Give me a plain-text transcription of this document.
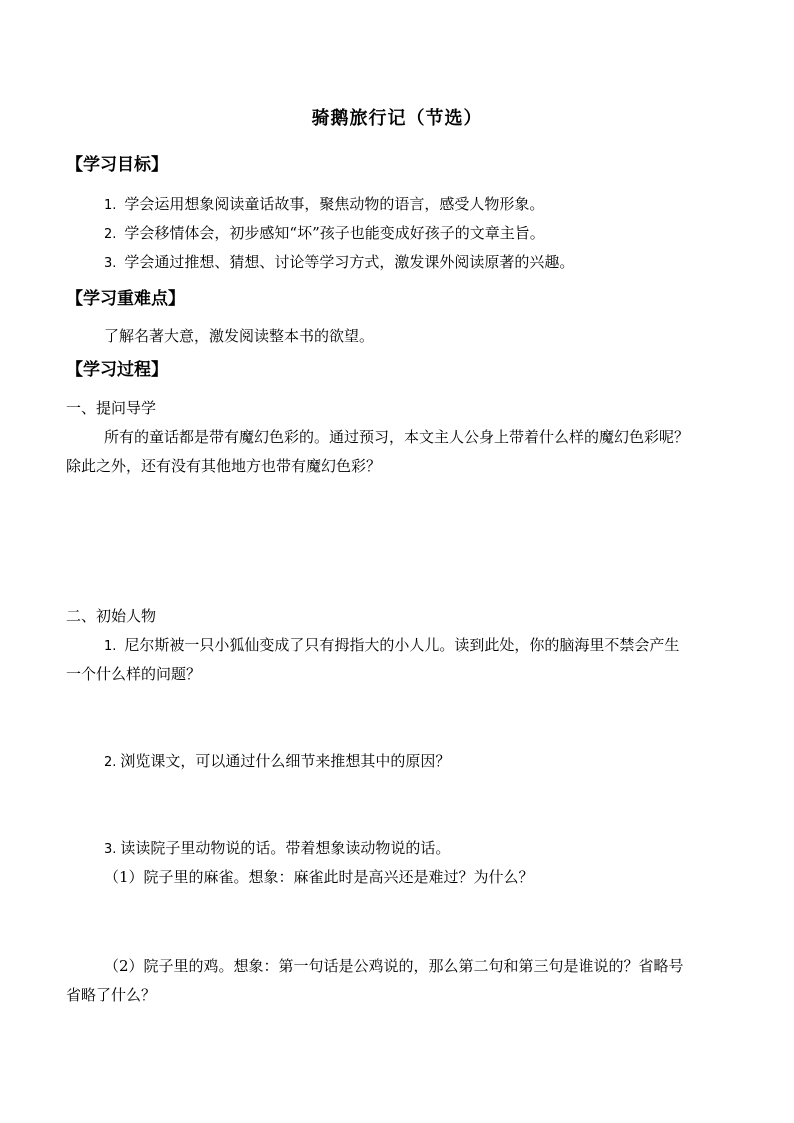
骑鹅旅行记（节选）
【学习目标】
1. 学会运用想象阅读童话故事，聚焦动物的语言，感受人物形象。
2. 学会移情体会，初步感知“坏”孩子也能变成好孩子的文章主旨。
3. 学会通过推想、猜想、讨论等学习方式，激发课外阅读原著的兴趣。
【学习重难点】
了解名著大意，激发阅读整本书的欲望。
【学习过程】
一、提问导学
所有的童话都是带有魔幻色彩的。通过预习，本文主人公身上带着什么样的魔幻色彩呢？
除此之外，还有没有其他地方也带有魔幻色彩？
二、初始人物
1. 尼尔斯被一只小狐仙变成了只有拇指大的小人儿。读到此处，你的脑海里不禁会产生
一个什么样的问题？
2. 浏览课文，可以通过什么细节来推想其中的原因？
3. 读读院子里动物说的话。带着想象读动物说的话。
（1）院子里的麻雀。想象：麻雀此时是高兴还是难过？为什么？
（2）院子里的鸡。想象：第一句话是公鸡说的，那么第二句和第三句是谁说的？省略号
省略了什么？
